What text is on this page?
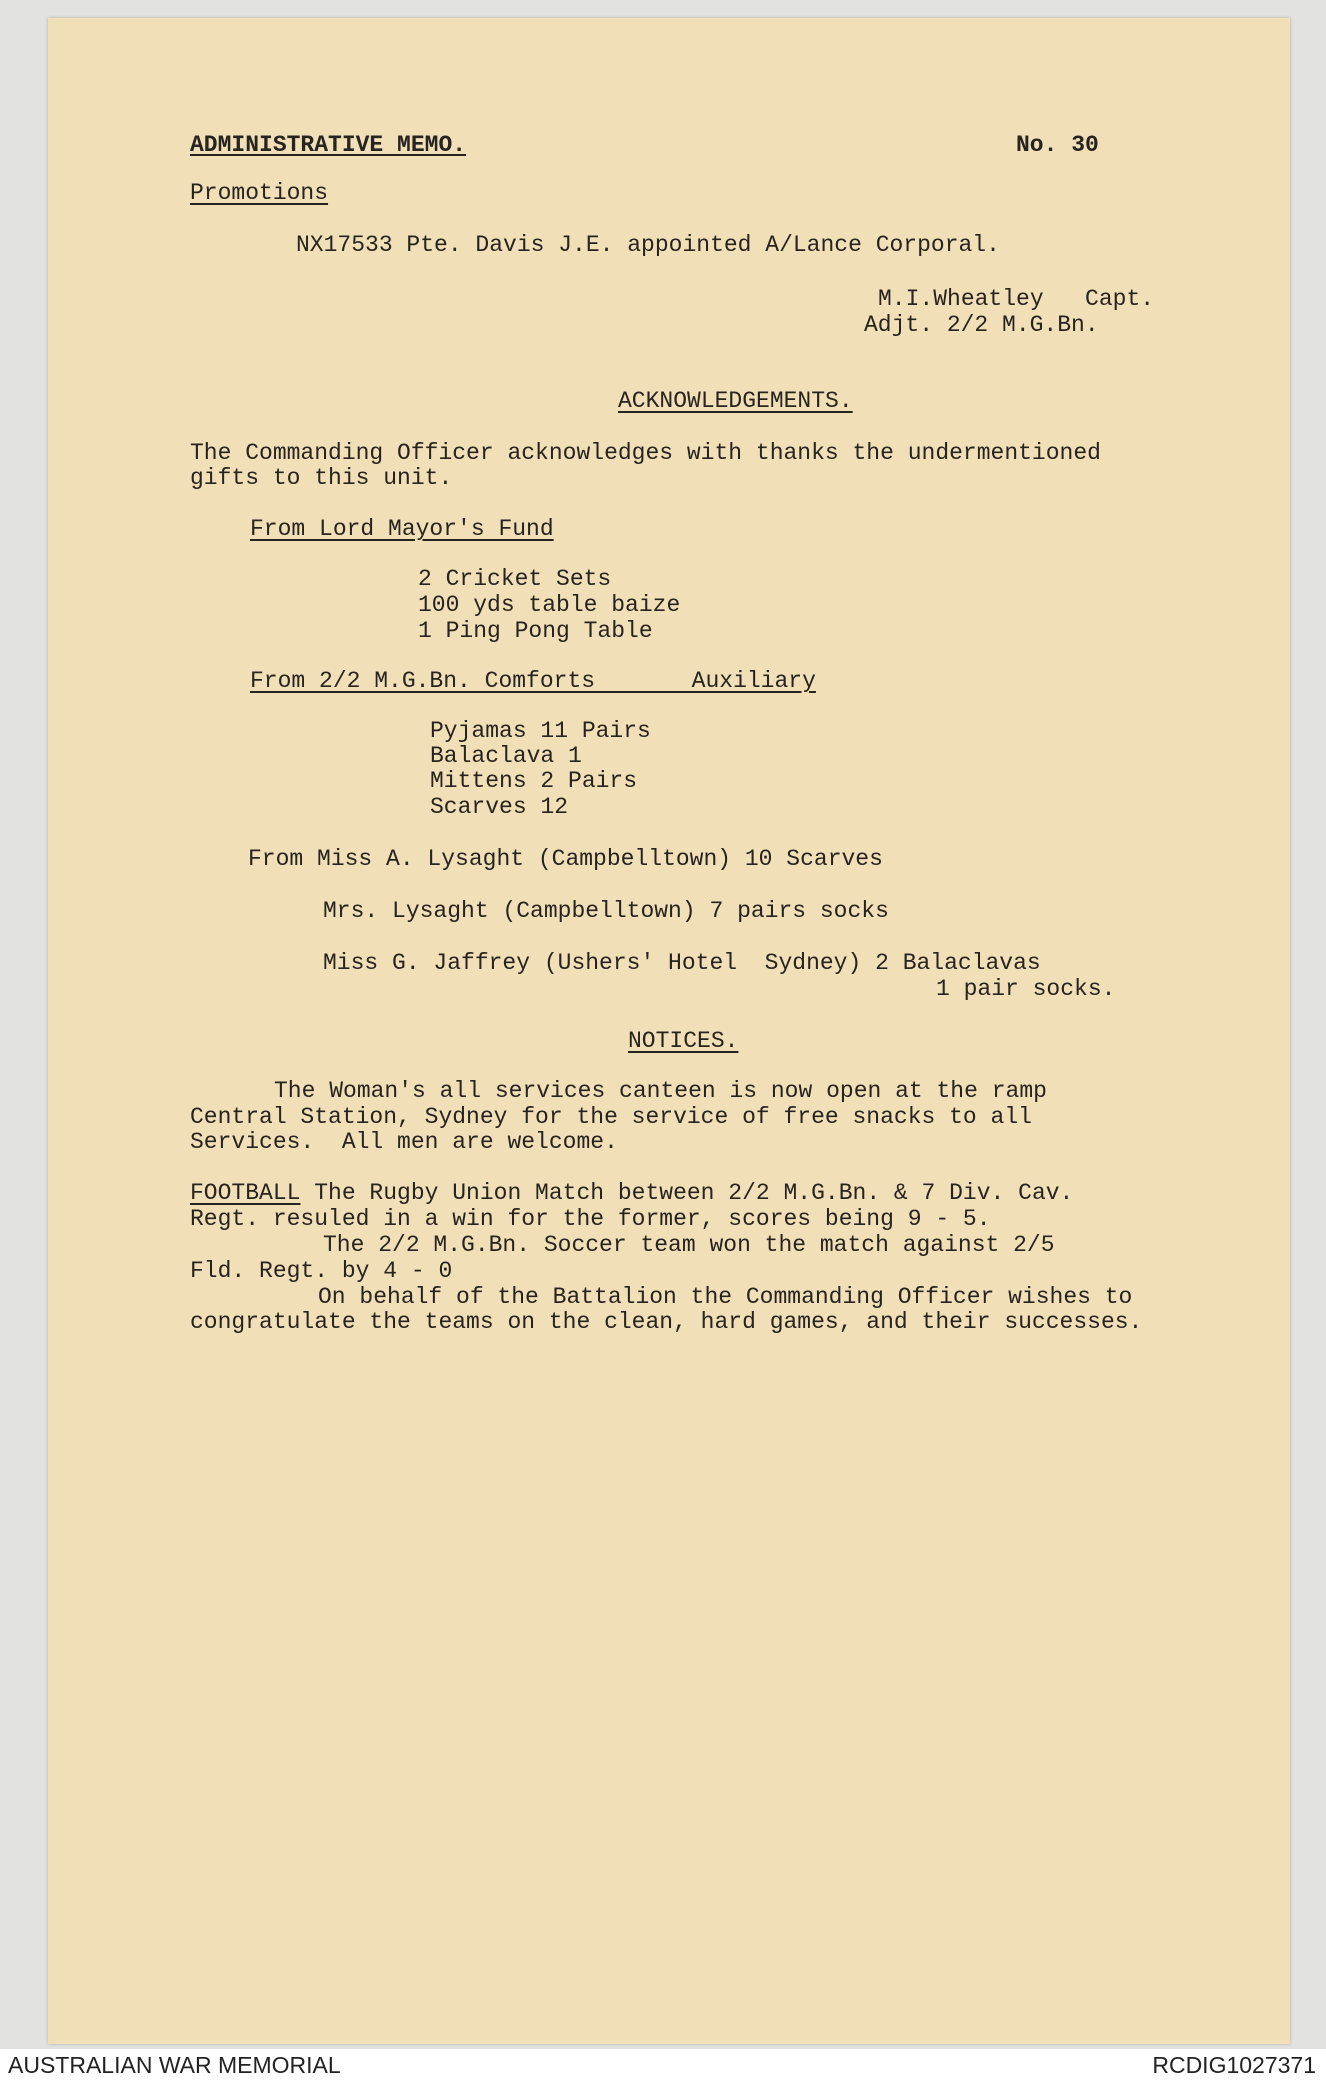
ADMINISTRATIVE MEMO.	No. 30
Promotions
NX17533 Pte. Davis J.E. appointed A/Lance Corporal.
M.I.Wheatley   Capt.
Adjt. 2/2 M.G.Bn.
ACKNOWLEDGEMENTS.
The Commanding Officer acknowledges with thanks the undermentioned
gifts to this unit.
From Lord Mayor's Fund
2 Cricket Sets
100 yds table baize
1 Ping Pong Table
From 2/2 M.G.Bn. Comforts       Auxiliary
Pyjamas 11 Pairs
Balaclava 1
Mittens 2 Pairs
Scarves 12
From Miss A. Lysaght (Campbelltown) 10 Scarves
Mrs. Lysaght (Campbelltown) 7 pairs socks
Miss G. Jaffrey (Ushers' Hotel  Sydney) 2 Balaclavas
1 pair socks.
NOTICES.
The Woman's all services canteen is now open at the ramp
Central Station, Sydney for the service of free snacks to all
Services.  All men are welcome.
FOOTBALL The Rugby Union Match between 2/2 M.G.Bn. & 7 Div. Cav.
Regt. resuled in a win for the former, scores being 9 - 5.
The 2/2 M.G.Bn. Soccer team won the match against 2/5
Fld. Regt. by 4 - 0
On behalf of the Battalion the Commanding Officer wishes to
congratulate the teams on the clean, hard games, and their successes.
AUSTRALIAN WAR MEMORIAL	RCDIG1027371
